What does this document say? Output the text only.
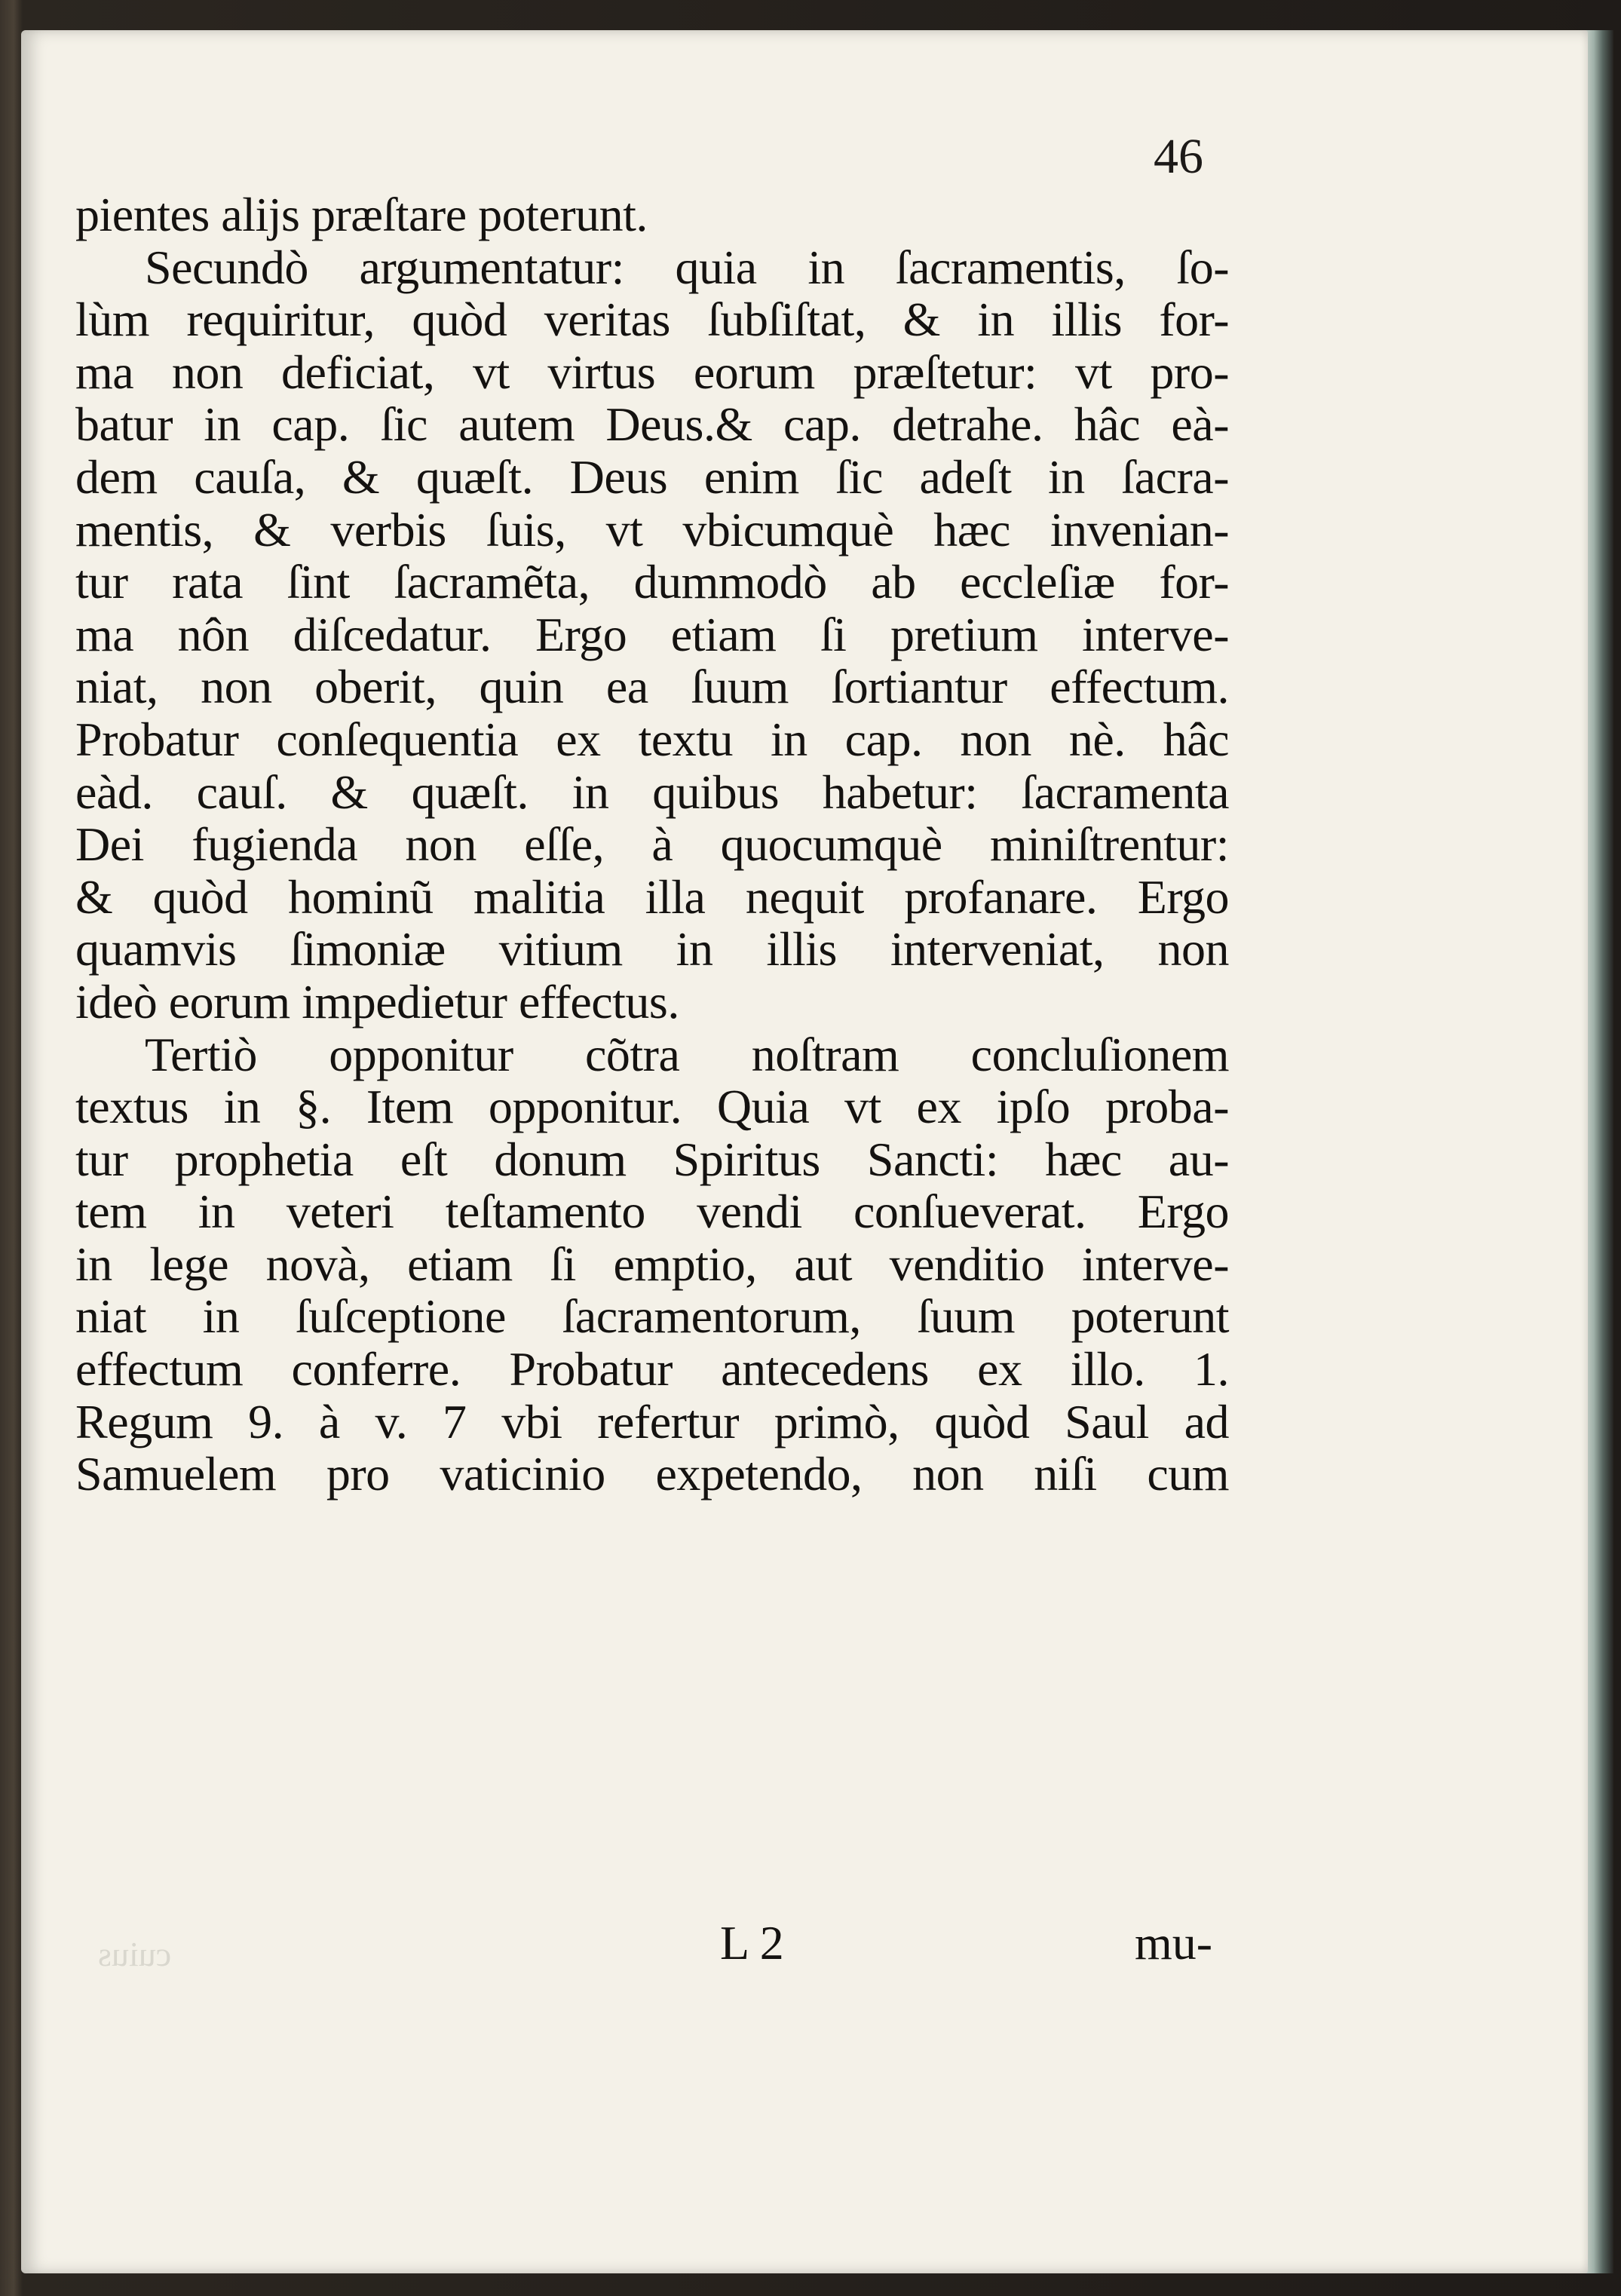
46
pientes alijs præſtare poterunt.
Secundò argumentatur: quia in ſacramentis, ſo-
lùm requiritur, quòd veritas ſubſiſtat, & in illis for-
ma non deficiat, vt virtus eorum præſtetur: vt pro-
batur in cap. ſic autem Deus.& cap. detrahe. hâc eà-
dem cauſa, & quæſt. Deus enim ſic adeſt in ſacra-
mentis, & verbis ſuis, vt vbicumquè hæc invenian-
tur rata ſint ſacramẽta, dummodò ab eccleſiæ for-
ma nôn diſcedatur. Ergo etiam ſi pretium interve-
niat, non oberit, quin ea ſuum ſortiantur effectum.
Probatur conſequentia ex textu in cap. non nè. hâc
eàd. cauſ. & quæſt. in quibus habetur: ſacramenta
Dei fugienda non eſſe, à quocumquè miniſtrentur:
& quòd hominũ malitia illa nequit profanare. Ergo
quamvis ſimoniæ vitium in illis interveniat, non
ideò eorum impedietur effectus.
Tertiò opponitur cõtra noſtram concluſionem
textus in §. Item opponitur. Quia vt ex ipſo proba-
tur prophetia eſt donum Spiritus Sancti: hæc au-
tem in veteri teſtamento vendi conſueverat. Ergo
in lege novà, etiam ſi emptio, aut venditio interve-
niat in ſuſceptione ſacramentorum, ſuum poterunt
effectum conferre. Probatur antecedens ex illo. 1.
Regum 9. à v. 7 vbi refertur primò, quòd Saul ad
Samuelem pro vaticinio expetendo, non niſi cum
cuius	L 2	mu-
